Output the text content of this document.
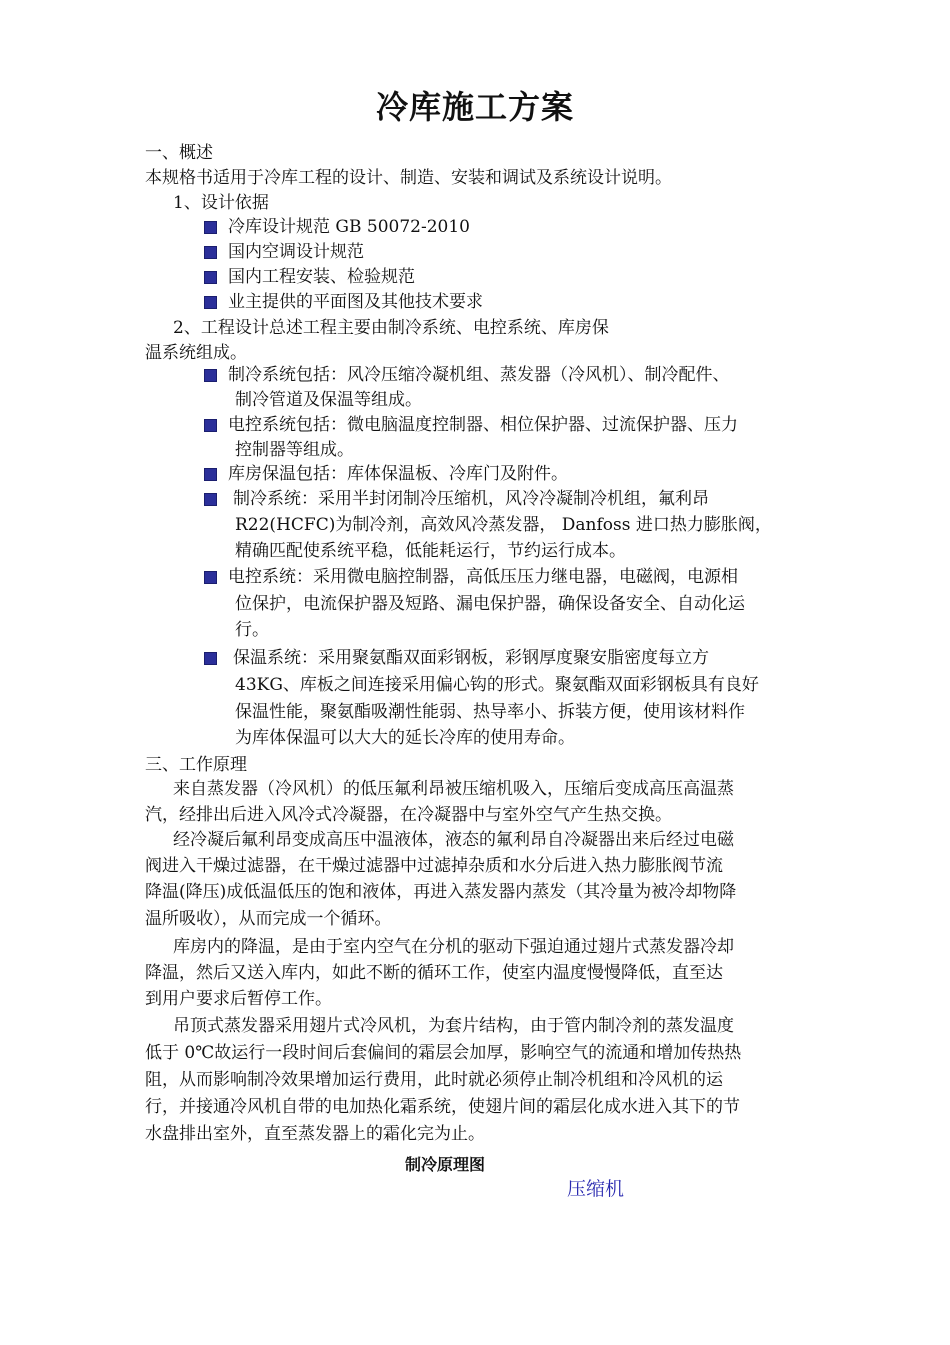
冷库施工方案
一、概述
本规格书适用于冷库工程的设计、制造、安装和调试及系统设计说明。
1、设计依据
冷库设计规范 GB 50072-2010
国内空调设计规范
国内工程安装、检验规范
业主提供的平面图及其他技术要求
2、工程设计总述工程主要由制冷系统、电控系统、库房保
温系统组成。
制冷系统包括：风冷压缩冷凝机组、蒸发器（冷风机）、制冷配件、
制冷管道及保温等组成。
电控系统包括：微电脑温度控制器、相位保护器、过流保护器、压力
控制器等组成。
库房保温包括：库体保温板、冷库门及附件。
制冷系统：采用半封闭制冷压缩机，风冷冷凝制冷机组，氟利昂
R22(HCFC)为制冷剂，高效风冷蒸发器， Danfoss 进口热力膨胀阀，
精确匹配使系统平稳，低能耗运行，节约运行成本。
电控系统：采用微电脑控制器，高低压压力继电器，电磁阀，电源相
位保护，电流保护器及短路、漏电保护器，确保设备安全、自动化运
行。
保温系统：采用聚氨酯双面彩钢板，彩钢厚度聚安脂密度每立方
43KG、库板之间连接采用偏心钩的形式。聚氨酯双面彩钢板具有良好
保温性能，聚氨酯吸潮性能弱、热导率小、拆装方便，使用该材料作
为库体保温可以大大的延长冷库的使用寿命。
三、工作原理
来自蒸发器（冷风机）的低压氟利昂被压缩机吸入，压缩后变成高压高温蒸
汽，经排出后进入风冷式冷凝器，在冷凝器中与室外空气产生热交换。
经冷凝后氟利昂变成高压中温液体，液态的氟利昂自冷凝器出来后经过电磁
阀进入干燥过滤器，在干燥过滤器中过滤掉杂质和水分后进入热力膨胀阀节流
降温(降压)成低温低压的饱和液体，再进入蒸发器内蒸发（其冷量为被冷却物降
温所吸收），从而完成一个循环。
库房内的降温，是由于室内空气在分机的驱动下强迫通过翅片式蒸发器冷却
降温，然后又送入库内，如此不断的循环工作，使室内温度慢慢降低，直至达
到用户要求后暂停工作。
吊顶式蒸发器采用翅片式冷风机，为套片结构，由于管内制冷剂的蒸发温度
低于 0℃故运行一段时间后套偏间的霜层会加厚，影响空气的流通和增加传热热
阻，从而影响制冷效果增加运行费用，此时就必须停止制冷机组和冷风机的运
行，并接通冷风机自带的电加热化霜系统，使翅片间的霜层化成水进入其下的节
水盘排出室外，直至蒸发器上的霜化完为止。
制冷原理图
压缩机
